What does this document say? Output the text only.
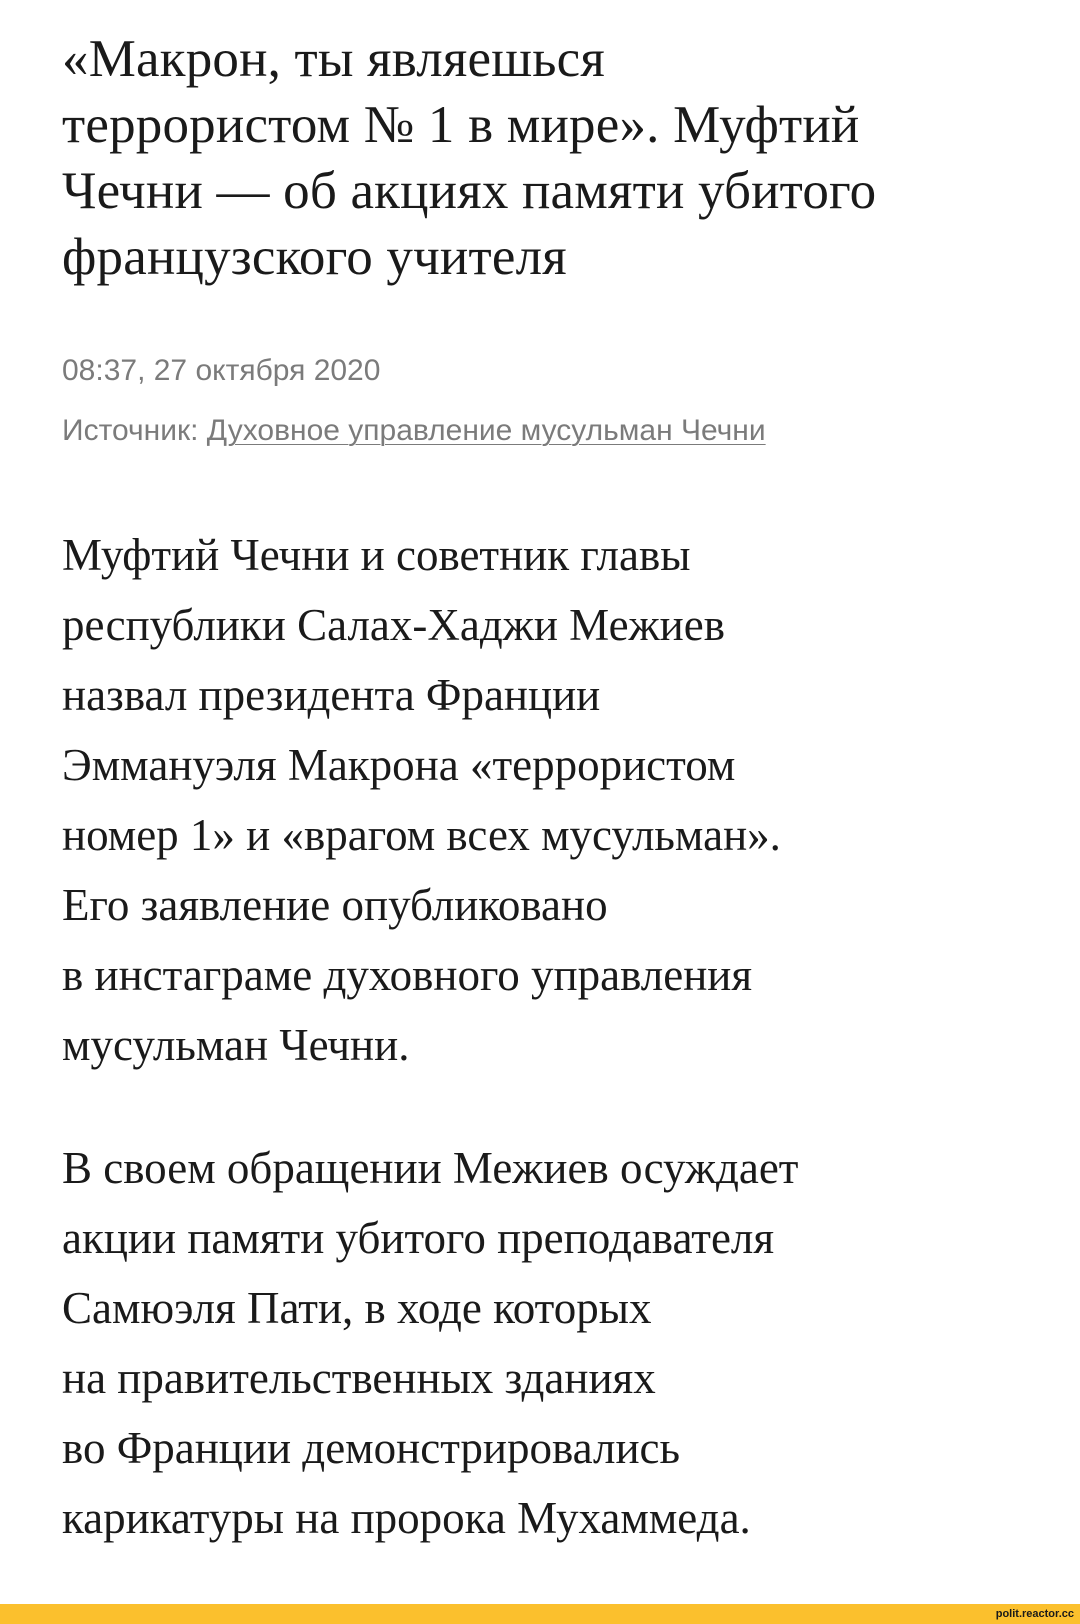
«Макрон, ты являешься
террористом № 1 в мире». Муфтий
Чечни — об акциях памяти убитого
французского учителя
08:37, 27 октября 2020
Источник: Духовное управление мусульман Чечни

Муфтий Чечни и советник главы
республики Салах-Хаджи Межиев
назвал президента Франции
Эммануэля Макрона «террористом
номер 1» и «врагом всех мусульман».
Его заявление опубликовано
в инстаграме духовного управления
мусульман Чечни.

В своем обращении Межиев осуждает
акции памяти убитого преподавателя
Самюэля Пати, в ходе которых
на правительственных зданиях
во Франции демонстрировались
карикатуры на пророка Мухаммеда.

polit.reactor.cc
